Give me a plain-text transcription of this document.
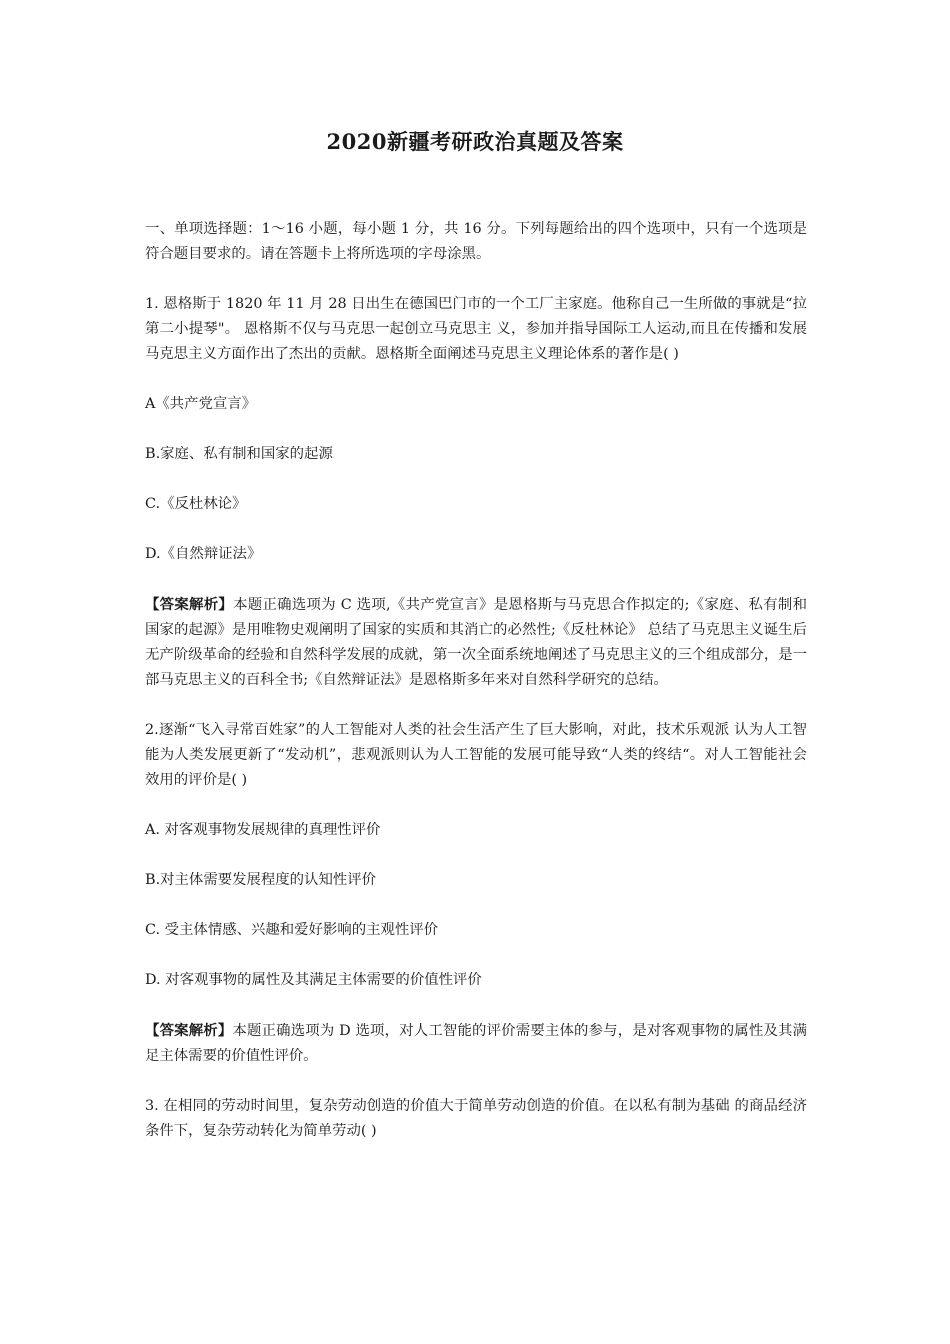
2020新疆考研政治真题及答案

一、单项选择题：1～16 小题，每小题 1 分，共 16 分。下列每题给出的四个选项中，只有一个选项是符合题目要求的。请在答题卡上将所选项的字母涂黑。

1. 恩格斯于 1820 年 11 月 28 日出生在德国巴门市的一个工厂主家庭。他称自己一生所做的事就是“拉第二小提琴"。 恩格斯不仅与马克思一起创立马克思主 义，参加并指导国际工人运动,而且在传播和发展马克思主义方面作出了杰出的贡献。恩格斯全面阐述马克思主义理论体系的著作是( )

A《共产党宣言》

B.家庭、私有制和国家的起源

C.《反杜林论》

D.《自然辩证法》

【答案解析】本题正确选项为 C 选项,《共产党宣言》是恩格斯与马克思合作拟定的;《家庭、私有制和国家的起源》是用唯物史观阐明了国家的实质和其消亡的必然性;《反杜林论》 总结了马克思主义诞生后无产阶级革命的经验和自然科学发展的成就，第一次全面系统地阐述了马克思主义的三个组成部分，是一部马克思主义的百科全书;《自然辩证法》是恩格斯多年来对自然科学研究的总结。

2.逐渐“飞入寻常百姓家”的人工智能对人类的社会生活产生了巨大影响，对此，技术乐观派 认为人工智能为人类发展更新了“发动机”，悲观派则认为人工智能的发展可能导致“人类的终结“。对人工智能社会效用的评价是( )

A. 对客观事物发展规律的真理性评价

B.对主体需要发展程度的认知性评价

C. 受主体情感、兴趣和爱好影响的主观性评价

D. 对客观事物的属性及其满足主体需要的价值性评价

【答案解析】本题正确选项为 D 选项，对人工智能的评价需要主体的参与，是对客观事物的属性及其满足主体需要的价值性评价。

3. 在相同的劳动时间里，复杂劳动创造的价值大于简单劳动创造的价值。在以私有制为基础 的商品经济条件下，复杂劳动转化为简单劳动( )
